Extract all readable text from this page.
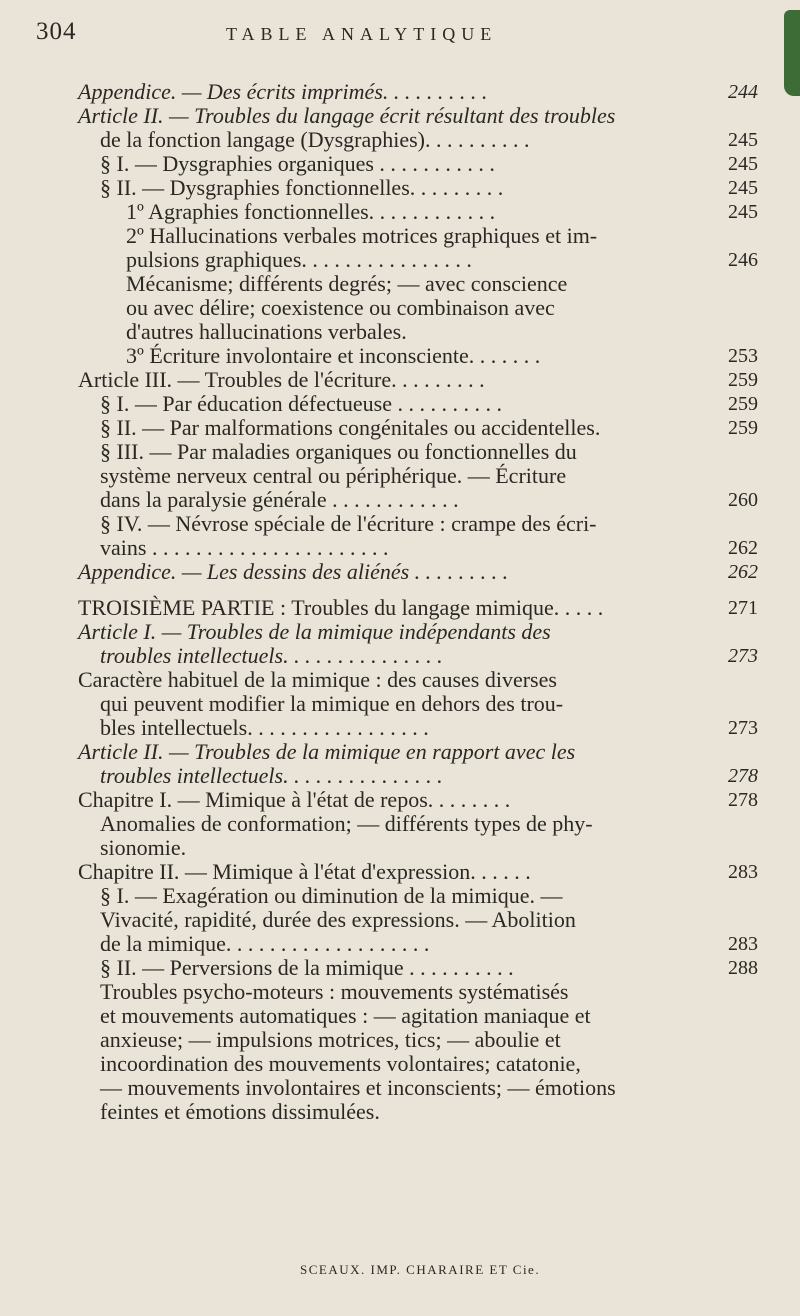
304	TABLE ANALYTIQUE
Appendice. — Des écrits imprimés. . . . . . . . . .	244
Article II. — Troubles du langage écrit résultant des troubles
de la fonction langage (Dysgraphies). . . . . . . . . .	245
§ I. — Dysgraphies organiques . . . . . . . . . . .	245
§ II. — Dysgraphies fonctionnelles. . . . . . . . .	245
1º Agraphies fonctionnelles. . . . . . . . . . . .	245
2º Hallucinations verbales motrices graphiques et im-
pulsions graphiques. . . . . . . . . . . . . . . .	246
Mécanisme; différents degrés; — avec conscience
ou avec délire; coexistence ou combinaison avec
d'autres hallucinations verbales.
3º Écriture involontaire et inconsciente. . . . . . .	253
Article III. — Troubles de l'écriture. . . . . . . . .	259
§ I. — Par éducation défectueuse . . . . . . . . . .	259
§ II. — Par malformations congénitales ou accidentelles.	259
§ III. — Par maladies organiques ou fonctionnelles du
système nerveux central ou périphérique. — Écriture
dans la paralysie générale . . . . . . . . . . . .	260
§ IV. — Névrose spéciale de l'écriture : crampe des écri-
vains . . . . . . . . . . . . . . . . . . . . . .	262
Appendice. — Les dessins des aliénés . . . . . . . . .	262
TROISIÈME PARTIE : Troubles du langage mimique. . . . .	271
Article I. — Troubles de la mimique indépendants des
troubles intellectuels. . . . . . . . . . . . . . .	273
Caractère habituel de la mimique : des causes diverses
qui peuvent modifier la mimique en dehors des trou-
bles intellectuels. . . . . . . . . . . . . . . . .	273
Article II. — Troubles de la mimique en rapport avec les
troubles intellectuels. . . . . . . . . . . . . . .	278
Chapitre I. — Mimique à l'état de repos. . . . . . . .	278
Anomalies de conformation; — différents types de phy-
sionomie.
Chapitre II. — Mimique à l'état d'expression. . . . . .	283
§ I. — Exagération ou diminution de la mimique. —
Vivacité, rapidité, durée des expressions. — Abolition
de la mimique. . . . . . . . . . . . . . . . . . .	283
§ II. — Perversions de la mimique . . . . . . . . . .	288
Troubles psycho-moteurs : mouvements systématisés
et mouvements automatiques : — agitation maniaque et
anxieuse; — impulsions motrices, tics; — aboulie et
incoordination des mouvements volontaires; catatonie,
— mouvements involontaires et inconscients; — émotions
feintes et émotions dissimulées.
SCEAUX. IMP. CHARAIRE ET Cie.
